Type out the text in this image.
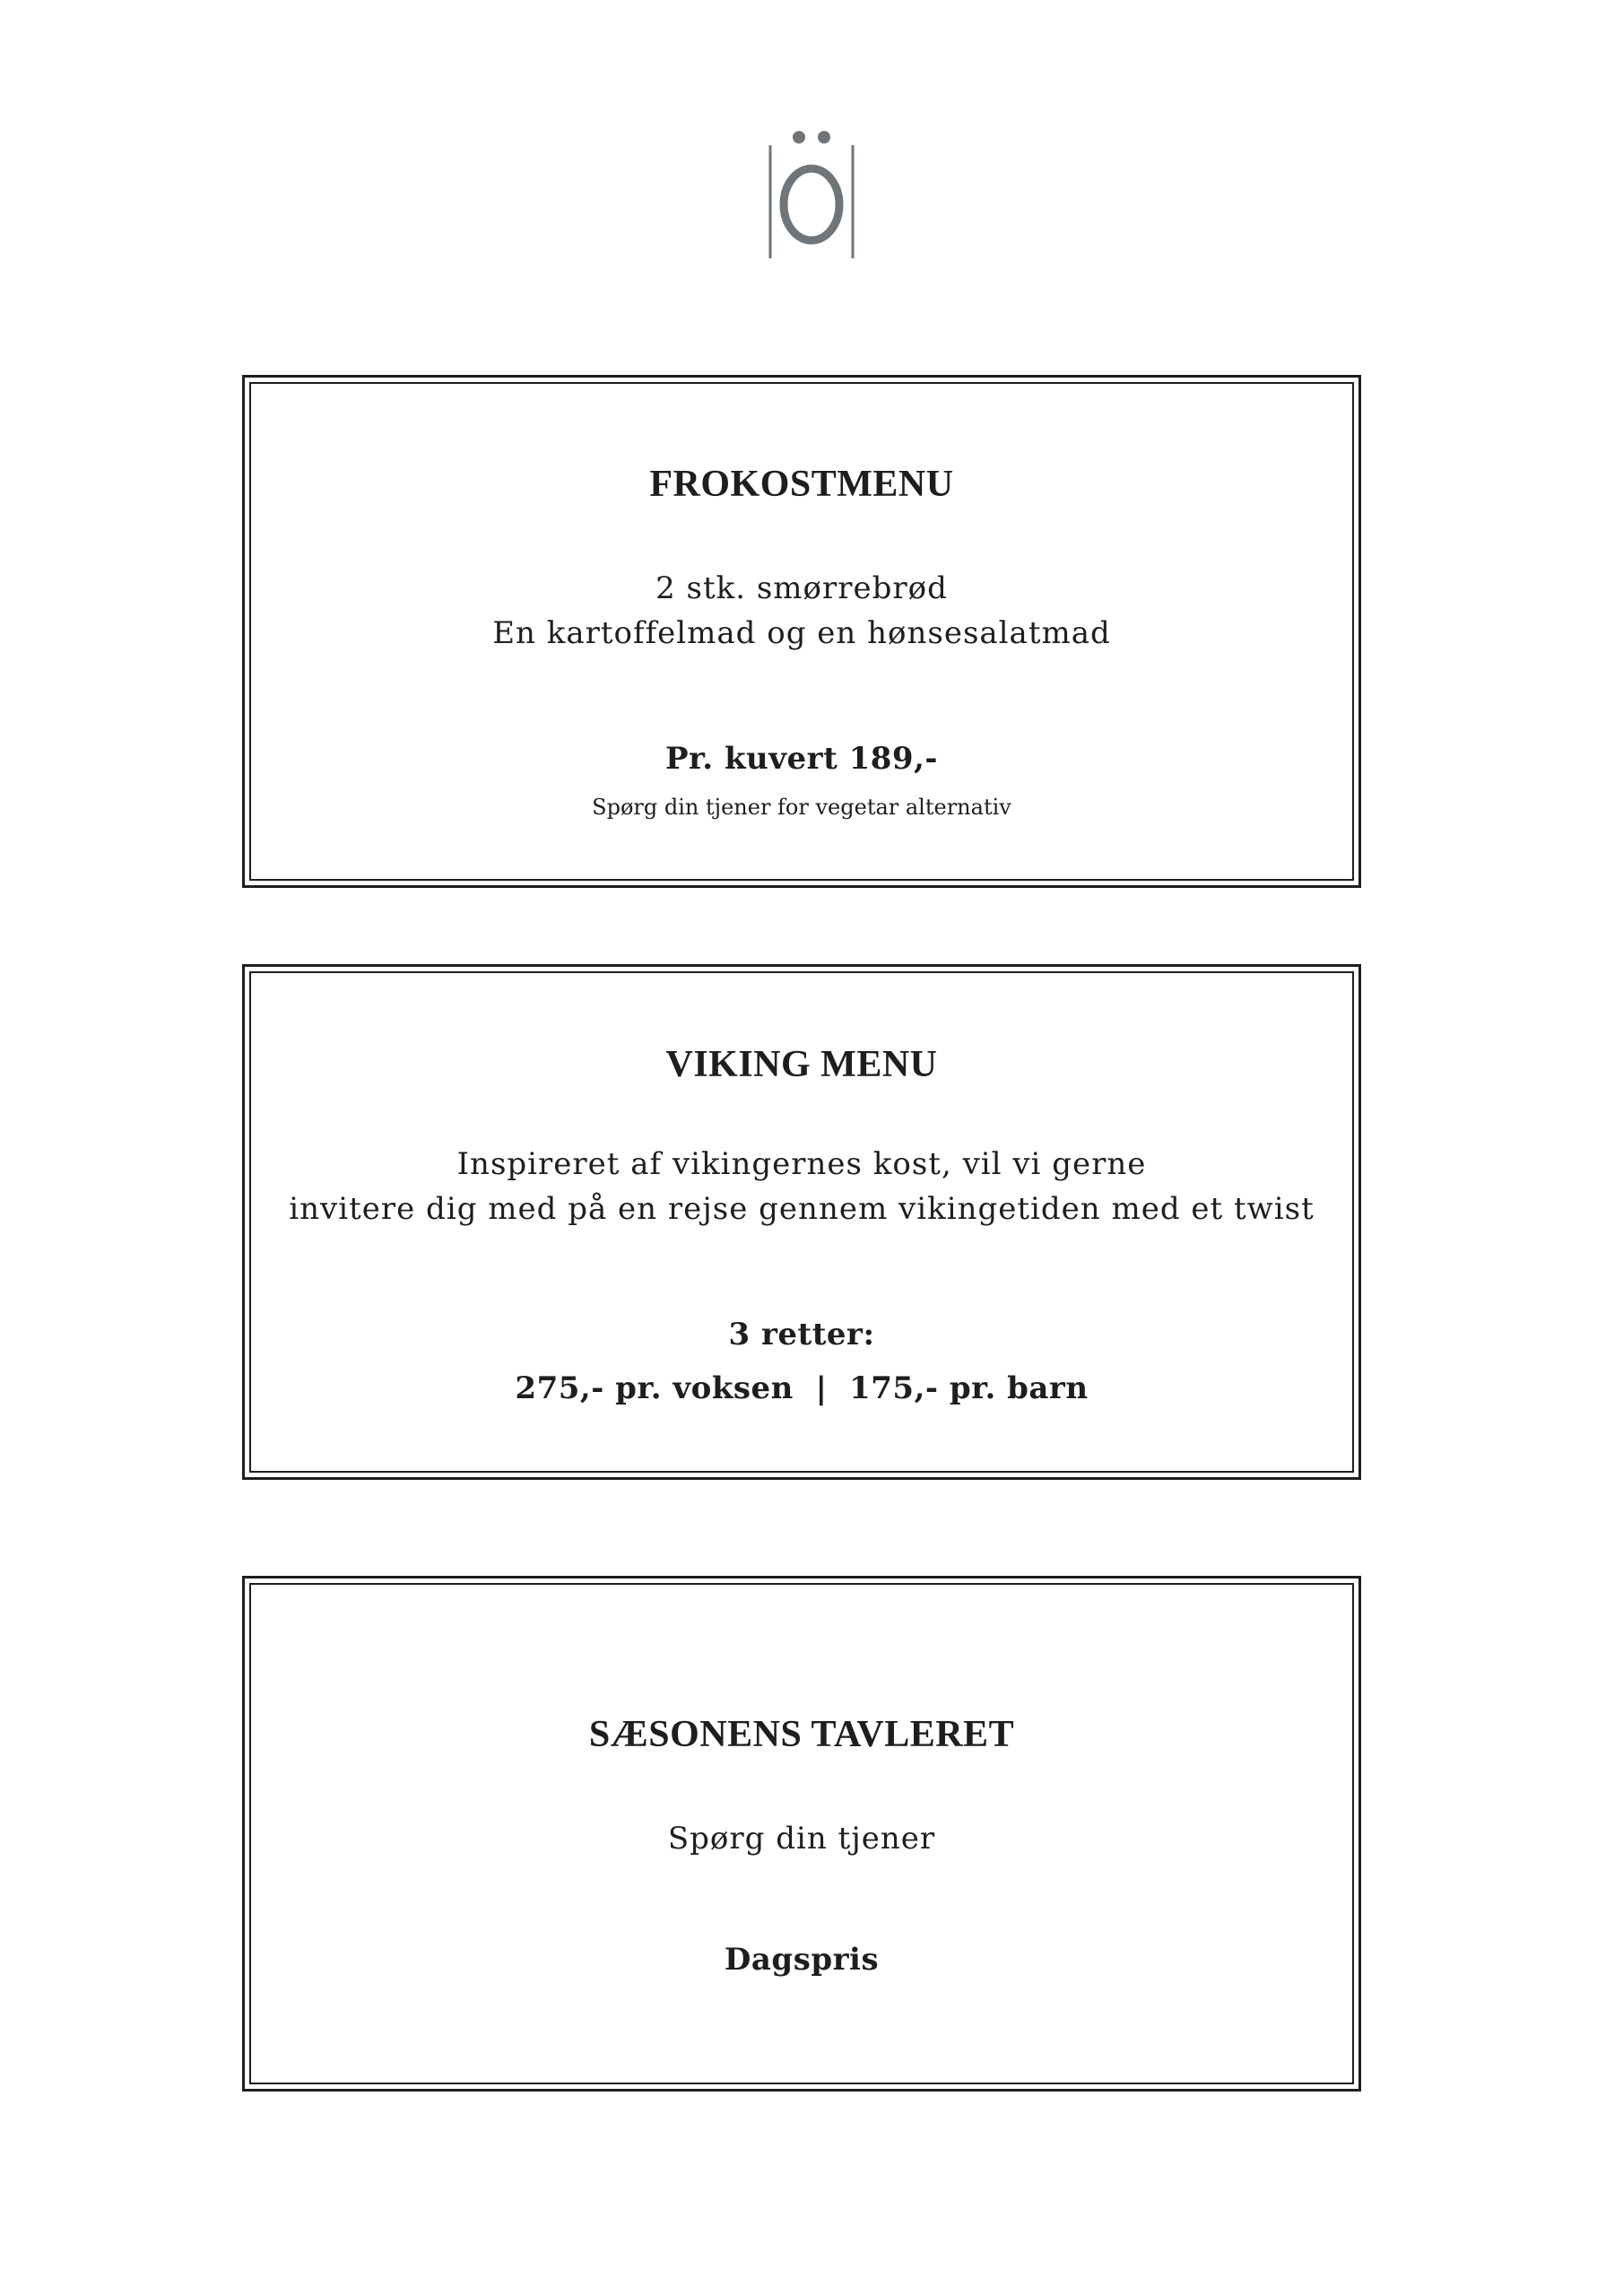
FROKOSTMENU
2 stk. smørrebrød
En kartoffelmad og en hønsesalatmad
Pr. kuvert 189,-
Spørg din tjener for vegetar alternativ
VIKING MENU
Inspireret af vikingernes kost, vil vi gerne
invitere dig med på en rejse gennem vikingetiden med et twist
3 retter:
275,- pr. voksen  |  175,- pr. barn
SÆSONENS TAVLERET
Spørg din tjener
Dagspris
